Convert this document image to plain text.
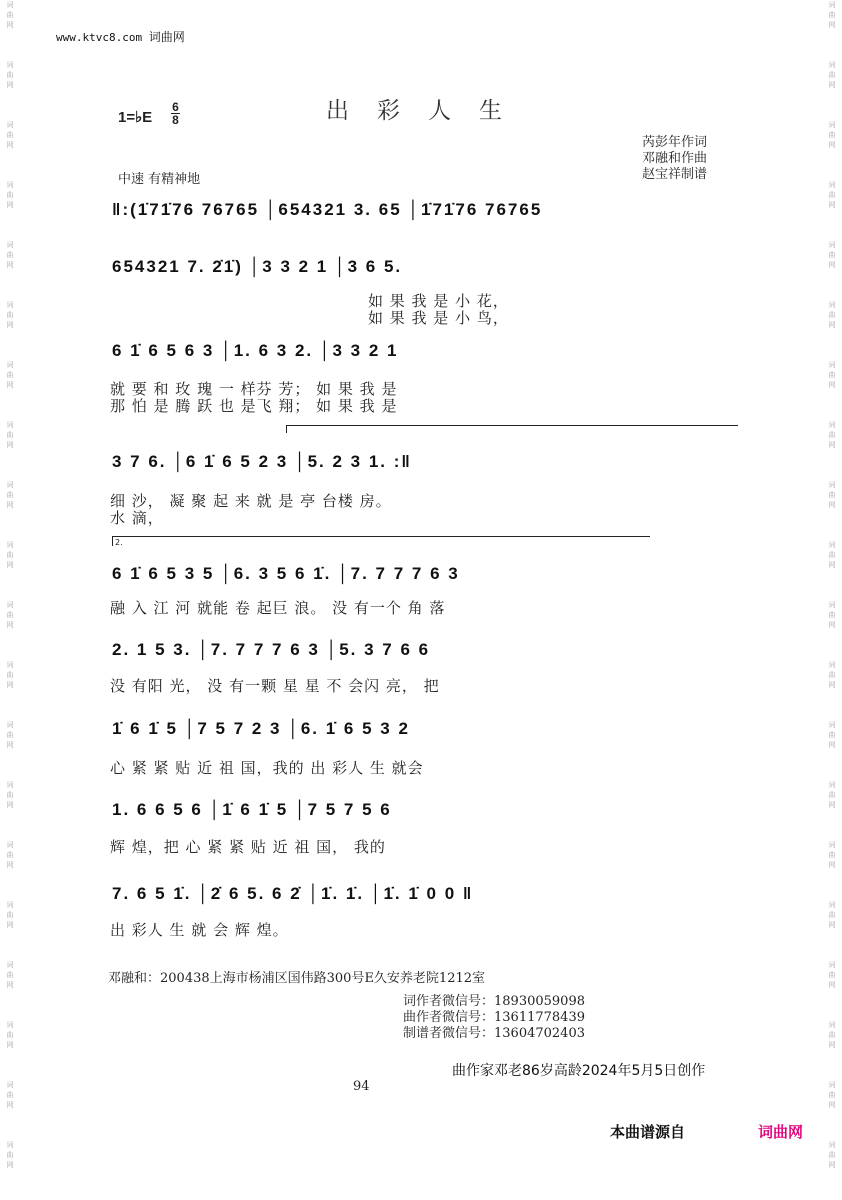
词
曲
网
词
曲
网
词
曲
网
词
曲
网
词
曲
网
词
曲
网
词
曲
网
词
曲
网
词
曲
网
词
曲
网
词
曲
网
词
曲
网
词
曲
网
词
曲
网
词
曲
网
词
曲
网
词
曲
网
词
曲
网
词
曲
网
词
曲
网
词
曲
网
词
曲
网
词
曲
网
词
曲
网
词
曲
网
词
曲
网
词
曲
网
词
曲
网
词
曲
网
词
曲
网
词
曲
网
词
曲
网
词
曲
网
词
曲
网
词
曲
网
词
曲
网
词
曲
网
词
曲
网
词
曲
网
词
曲
网
www.ktvc8.com 词曲网
1=♭E
6
8	出彩人生
芮彭年作词
邓融和作曲
赵宝祥制谱
中速 有精神地
‖:(1̇71̇76 76765 │654321 3. 65 │1̇71̇76 76765
654321 7. 2̇1̇) │3 3 2 1 │3 6 5.
如 果 我 是 小 花，
如 果 我 是 小 鸟，
6 1̇ 6 5 6 3 │1. 6 3 2. │3 3 2 1
就 要 和 玫 瑰 一 样芬 芳； 如 果 我 是
那 怕 是 腾 跃 也 是飞 翔； 如 果 我 是
3 7 6. │6 1̇ 6 5 2 3 │5. 2 3 1. :‖
细 沙， 凝 聚 起 来 就 是 亭 台楼 房。
水 滴，
2.
6 1̇ 6 5 3 5 │6. 3 5 6 1̇. │7. 7 7 7 6 3
融 入 江 河 就能 卷 起巨 浪。 没 有一个 角 落
2. 1 5 3. │7. 7 7 7 6 3 │5. 3 7 6 6
没 有阳 光， 没 有一颗 星 星 不 会闪 亮， 把
1̇ 6 1̇ 5 │7 5 7 2 3 │6. 1̇ 6 5 3 2
心 紧 紧 贴 近 祖 国，我的 出 彩人 生 就会
1. 6 6 5 6 │1̇ 6 1̇ 5 │7 5 7 5 6
辉 煌，把 心 紧 紧 贴 近 祖 国， 我的
7. 6 5 1̇. │2̇ 6 5. 6 2̇ │1̇. 1̇. │1̇. 1̇ 0 0 ‖
出 彩人 生 就 会 辉 煌。
邓融和：200438上海市杨浦区国伟路300号E久安养老院1212室
词作者微信号：18930059098
曲作者微信号：13611778439
制谱者微信号：13604702403
曲作家邓老86岁高龄2024年5月5日创作
94
本曲谱源自	词曲网
